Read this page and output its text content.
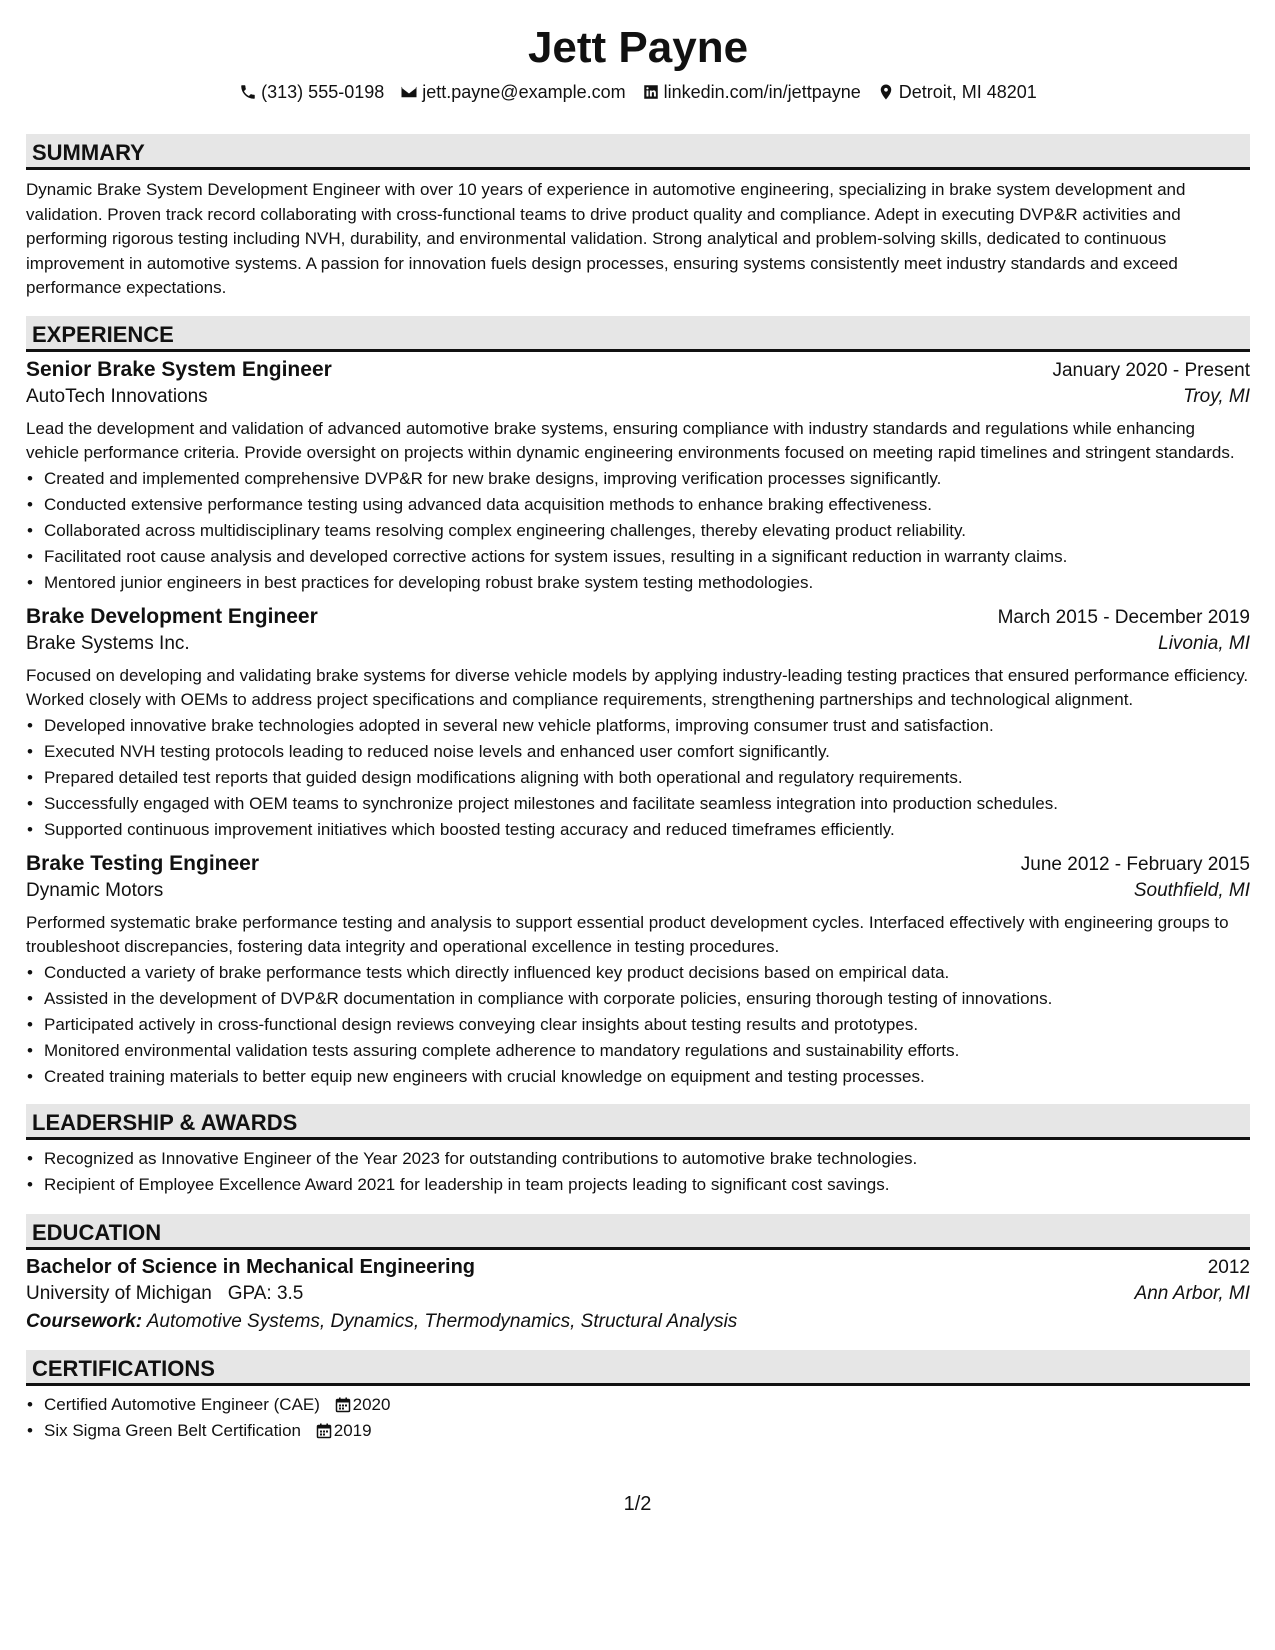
Jett Payne
(313) 555-0198 jett.payne@example.com linkedin.com/in/jettpayne Detroit, MI 48201
SUMMARY

Dynamic Brake System Development Engineer with over 10 years of experience in automotive engineering, specializing in brake system development and validation. Proven track record collaborating with cross-functional teams to drive product quality and compliance. Adept in executing DVP&R activities and performing rigorous testing including NVH, durability, and environmental validation. Strong analytical and problem-solving skills, dedicated to continuous improvement in automotive systems. A passion for innovation fuels design processes, ensuring systems consistently meet industry standards and exceed performance expectations.

EXPERIENCE
Senior Brake System Engineer	January 2020 - Present
AutoTech Innovations	Troy, MI

Lead the development and validation of advanced automotive brake systems, ensuring compliance with industry standards and regulations while enhancing vehicle performance criteria. Provide oversight on projects within dynamic engineering environments focused on meeting rapid timelines and stringent standards.

• Created and implemented comprehensive DVP&R for new brake designs, improving verification processes significantly.
• Conducted extensive performance testing using advanced data acquisition methods to enhance braking effectiveness.
• Collaborated across multidisciplinary teams resolving complex engineering challenges, thereby elevating product reliability.
• Facilitated root cause analysis and developed corrective actions for system issues, resulting in a significant reduction in warranty claims.
• Mentored junior engineers in best practices for developing robust brake system testing methodologies.
Brake Development Engineer	March 2015 - December 2019
Brake Systems Inc.	Livonia, MI

Focused on developing and validating brake systems for diverse vehicle models by applying industry-leading testing practices that ensured performance efficiency. Worked closely with OEMs to address project specifications and compliance requirements, strengthening partnerships and technological alignment.

• Developed innovative brake technologies adopted in several new vehicle platforms, improving consumer trust and satisfaction.
• Executed NVH testing protocols leading to reduced noise levels and enhanced user comfort significantly.
• Prepared detailed test reports that guided design modifications aligning with both operational and regulatory requirements.
• Successfully engaged with OEM teams to synchronize project milestones and facilitate seamless integration into production schedules.
• Supported continuous improvement initiatives which boosted testing accuracy and reduced timeframes efficiently.
Brake Testing Engineer	June 2012 - February 2015
Dynamic Motors	Southfield, MI

Performed systematic brake performance testing and analysis to support essential product development cycles. Interfaced effectively with engineering groups to troubleshoot discrepancies, fostering data integrity and operational excellence in testing procedures.

• Conducted a variety of brake performance tests which directly influenced key product decisions based on empirical data.
• Assisted in the development of DVP&R documentation in compliance with corporate policies, ensuring thorough testing of innovations.
• Participated actively in cross-functional design reviews conveying clear insights about testing results and prototypes.
• Monitored environmental validation tests assuring complete adherence to mandatory regulations and sustainability efforts.
• Created training materials to better equip new engineers with crucial knowledge on equipment and testing processes.
LEADERSHIP & AWARDS
• Recognized as Innovative Engineer of the Year 2023 for outstanding contributions to automotive brake technologies.
• Recipient of Employee Excellence Award 2021 for leadership in team projects leading to significant cost savings.
EDUCATION
Bachelor of Science in Mechanical Engineering	2012
University of Michigan GPA: 3.5	Ann Arbor, MI
Coursework: Automotive Systems, Dynamics, Thermodynamics, Structural Analysis
CERTIFICATIONS
• Certified Automotive Engineer (CAE) 2020
• Six Sigma Green Belt Certification 2019
1/2
